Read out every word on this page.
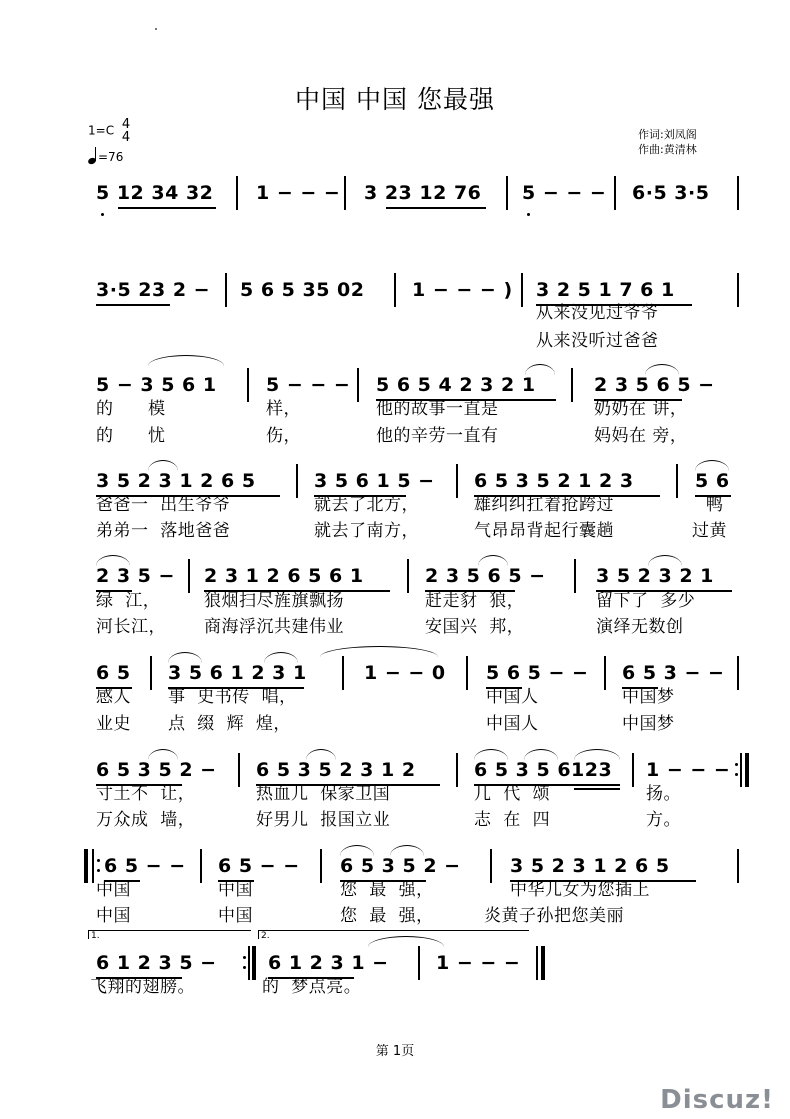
中国 中国 您最强
1=C 4
4
=76
作词:刘凤阁
作曲:黄清林
5 12 34 32 1 − − − 3 23 12 76 5 − − − 6·5 3·5
3·5 23 2 − 5 6 5 35 02 1 − − − ) 3 2 5 1 7 6 1
从来没见过爷爷
从来没听过爸爸
5 − 3 5 6 1	5 − − − 5 6 5 4 2 3 2 1	2 3 5 6 5 −
的 模	样，	他的故事一直是	奶奶在 讲，
的 忧	伤，	他的辛劳一直有	妈妈在 旁，
3 5 2 3 1 2 6 5	3 5 6 1 5 − 6 5 3 5 2 1 2 3	5 6
爸爸一  出生爷爷	就去了北方，	雄纠纠扛着抢跨过	鸭
弟弟一  落地爸爸	就去了南方，	气昂昂背起行囊趟	过黄
2 3 5 − 2 3 1 2 6 5 6 1	2 3 5 6 5 −	3 5 2 3 2 1
绿  江，	狼烟扫尽旌旗飘扬	赶走豺  狼，	留下了  多少
河长江， 商海浮沉共建伟业	安国兴  邦，	演绎无数创
6 5 3 5 6 1 2 3 1	1 − − 0 5 6 5 − − 6 5 3 − −
感人 事  史书传  唱，	中国人	中国梦
业史 点  缀  辉  煌，	中国人	中国梦
6 5 3 5 2 − 6 5 3 5 2 3 1 2	6 5 3 5 6123 1 − − −
寸土不  让，	热血儿  保家卫国	几  代  颂	扬。
万众成  墙，	好男儿  报国立业	志  在  四	方。
6 5 − − 6 5 − − 6 5 3 5 2 −	3 5 2 3 1 2 6 5
中国	中国	您  最  强，	中华儿女为您插上
中国	中国	您  最  强，	炎黄子孙把您美丽
1.	2.
6 1 2 3 5 −	6 1 2 3 1 − 1 − − −
飞翔的翅膀。	的  梦点亮。
第 1页
Discuz!
